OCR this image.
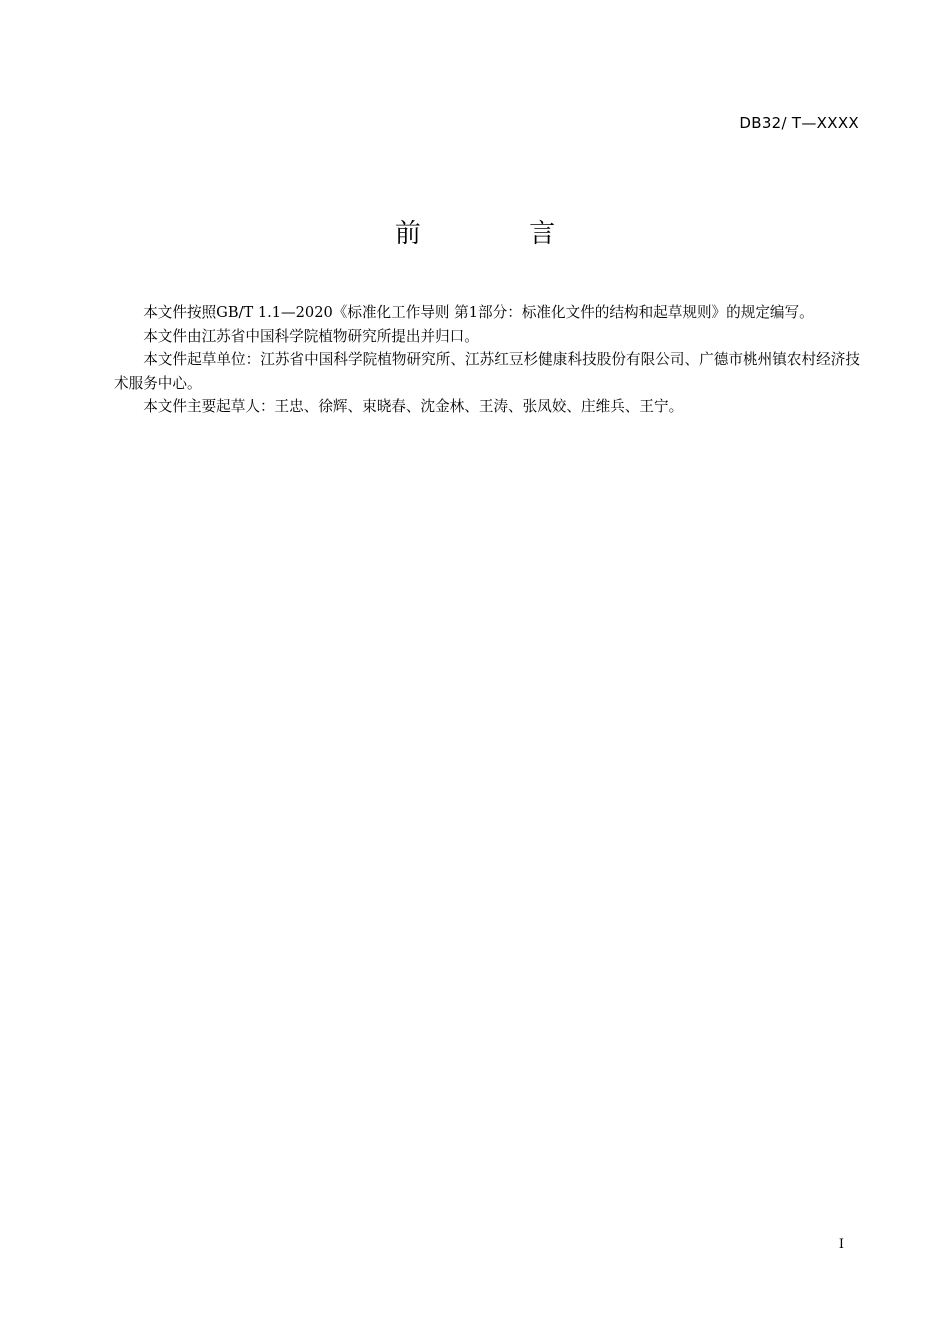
DB32/ T—XXXX
前 言

本文件按照GB/T 1.1—2020《标准化工作导则 第1部分：标准化文件的结构和起草规则》的规定编写。

本文件由江苏省中国科学院植物研究所提出并归口。

本文件起草单位：江苏省中国科学院植物研究所、江苏红豆杉健康科技股份有限公司、广德市桃州镇农村经济技术服务中心。

本文件主要起草人：王忠、徐辉、束晓春、沈金林、王涛、张凤姣、庄维兵、王宁。

I
